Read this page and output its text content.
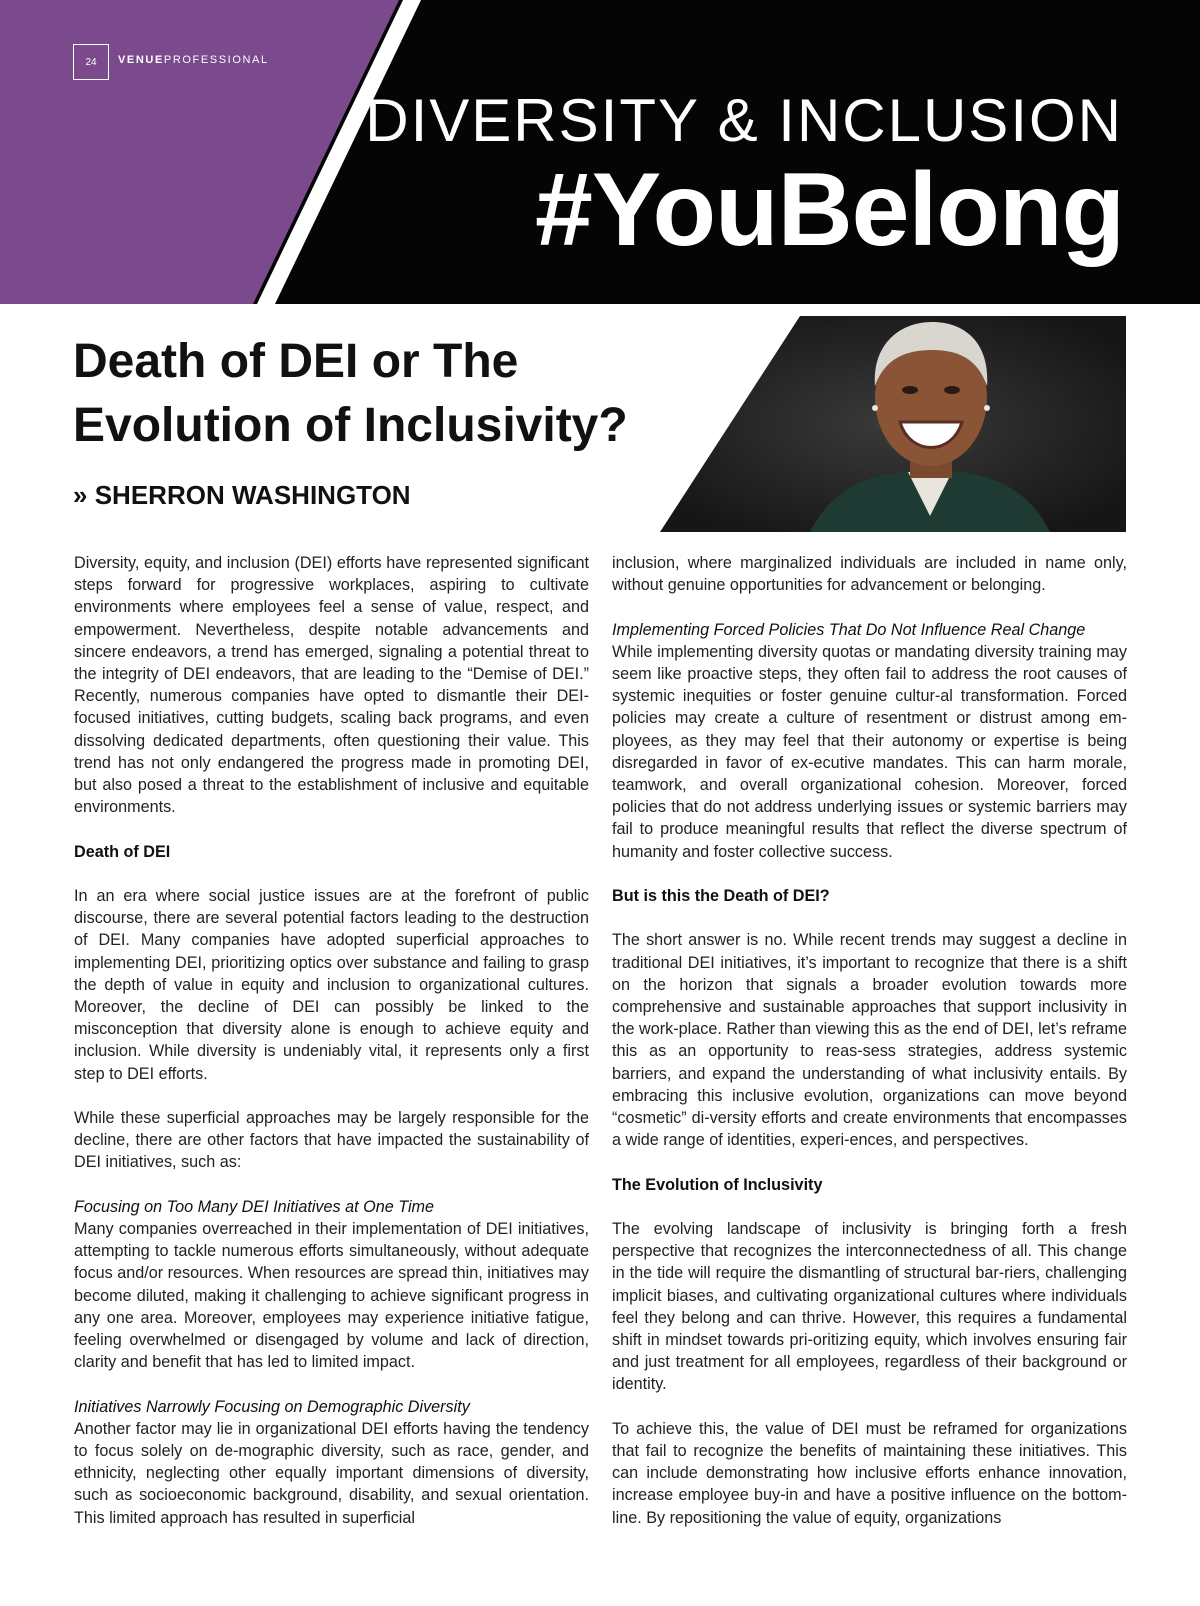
24	VENUEPROFESSIONAL
DIVERSITY & INCLUSION
#YouBelong
Death of DEI or The Evolution of Inclusivity?
» SHERRON WASHINGTON

Diversity, equity, and inclusion (DEI) efforts have represented significant steps forward for progressive workplaces, aspiring to cultivate environments where employees feel a sense of value, respect, and empowerment. Nevertheless, despite notable advancements and sincere endeavors, a trend has emerged, signaling a potential threat to the integrity of DEI endeavors, that are leading to the “Demise of DEI.” Recently, numerous companies have opted to dismantle their DEI-focused initiatives, cutting budgets, scaling back programs, and even dissolving dedicated departments, often questioning their value. This trend has not only endangered the progress made in promoting DEI, but also posed a threat to the establishment of inclusive and equitable environments.

Death of DEI

In an era where social justice issues are at the forefront of public discourse, there are several potential factors leading to the destruction of DEI. Many companies have adopted superficial approaches to implementing DEI, prioritizing optics over substance and failing to grasp the depth of value in equity and inclusion to organizational cultures. Moreover, the decline of DEI can possibly be linked to the misconception that diversity alone is enough to achieve equity and inclusion. While diversity is undeniably vital, it represents only a first step to DEI efforts.

While these superficial approaches may be largely responsible for the decline, there are other factors that have impacted the sustainability of DEI initiatives, such as:

Focusing on Too Many DEI Initiatives at One Time
Many companies overreached in their implementation of DEI initiatives, attempting to tackle numerous efforts simultaneously, without adequate focus and/or resources. When resources are spread thin, initiatives may become diluted, making it challenging to achieve significant progress in any one area. Moreover, employees may experience initiative fatigue, feeling overwhelmed or disengaged by volume and lack of direction, clarity and benefit that has led to limited impact.

Initiatives Narrowly Focusing on Demographic Diversity
Another factor may lie in organizational DEI efforts having the tendency to focus solely on de-mographic diversity, such as race, gender, and ethnicity, neglecting other equally important dimensions of diversity, such as socioeconomic background, disability, and sexual orientation. This limited approach has resulted in superficial

inclusion, where marginalized individuals are included in name only, without genuine opportunities for advancement or belonging.

Implementing Forced Policies That Do Not Influence Real Change
While implementing diversity quotas or mandating diversity training may seem like proactive steps, they often fail to address the root causes of systemic inequities or foster genuine cultur-al transformation. Forced policies may create a culture of resentment or distrust among em-ployees, as they may feel that their autonomy or expertise is being disregarded in favor of ex-ecutive mandates. This can harm morale, teamwork, and overall organizational cohesion. Moreover, forced policies that do not address underlying issues or systemic barriers may fail to produce meaningful results that reflect the diverse spectrum of humanity and foster collective success.

But is this the Death of DEI?

The short answer is no. While recent trends may suggest a decline in traditional DEI initiatives, it’s important to recognize that there is a shift on the horizon that signals a broader evolution towards more comprehensive and sustainable approaches that support inclusivity in the work-place. Rather than viewing this as the end of DEI, let’s reframe this as an opportunity to reas-sess strategies, address systemic barriers, and expand the understanding of what inclusivity entails. By embracing this inclusive evolution, organizations can move beyond “cosmetic” di-versity efforts and create environments that encompasses a wide range of identities, experi-ences, and perspectives.

The Evolution of Inclusivity

The evolving landscape of inclusivity is bringing forth a fresh perspective that recognizes the interconnectedness of all. This change in the tide will require the dismantling of structural bar-riers, challenging implicit biases, and cultivating organizational cultures where individuals feel they belong and can thrive. However, this requires a fundamental shift in mindset towards pri-oritizing equity, which involves ensuring fair and just treatment for all employees, regardless of their background or identity.

To achieve this, the value of DEI must be reframed for organizations that fail to recognize the benefits of maintaining these initiatives. This can include demonstrating how inclusive efforts enhance innovation, increase employee buy-in and have a positive influence on the bottom-line. By repositioning the value of equity, organizations
